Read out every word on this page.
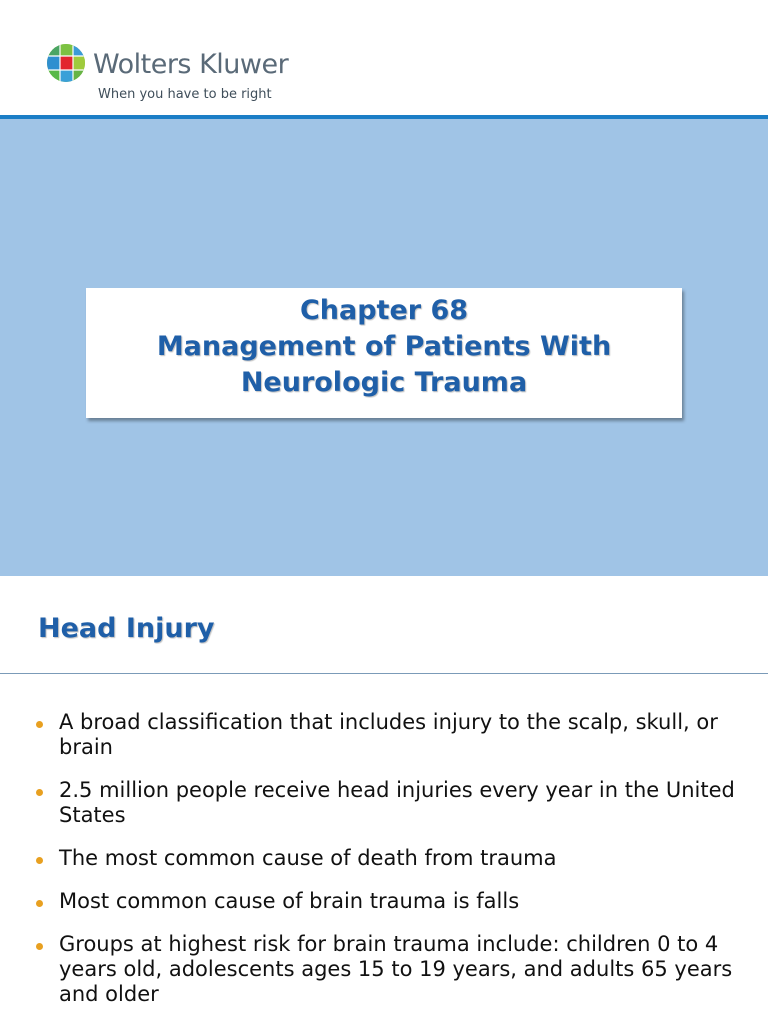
Wolters Kluwer
When you have to be right
Chapter 68
Management of Patients With
Neurologic Trauma
Head Injury
A broad classification that includes injury to the scalp, skull, or brain
2.5 million people receive head injuries every year in the United States
The most common cause of death from trauma
Most common cause of brain trauma is falls
Groups at highest risk for brain trauma include: children 0 to 4 years old, adolescents ages 15 to 19 years, and adults 65 years and older
